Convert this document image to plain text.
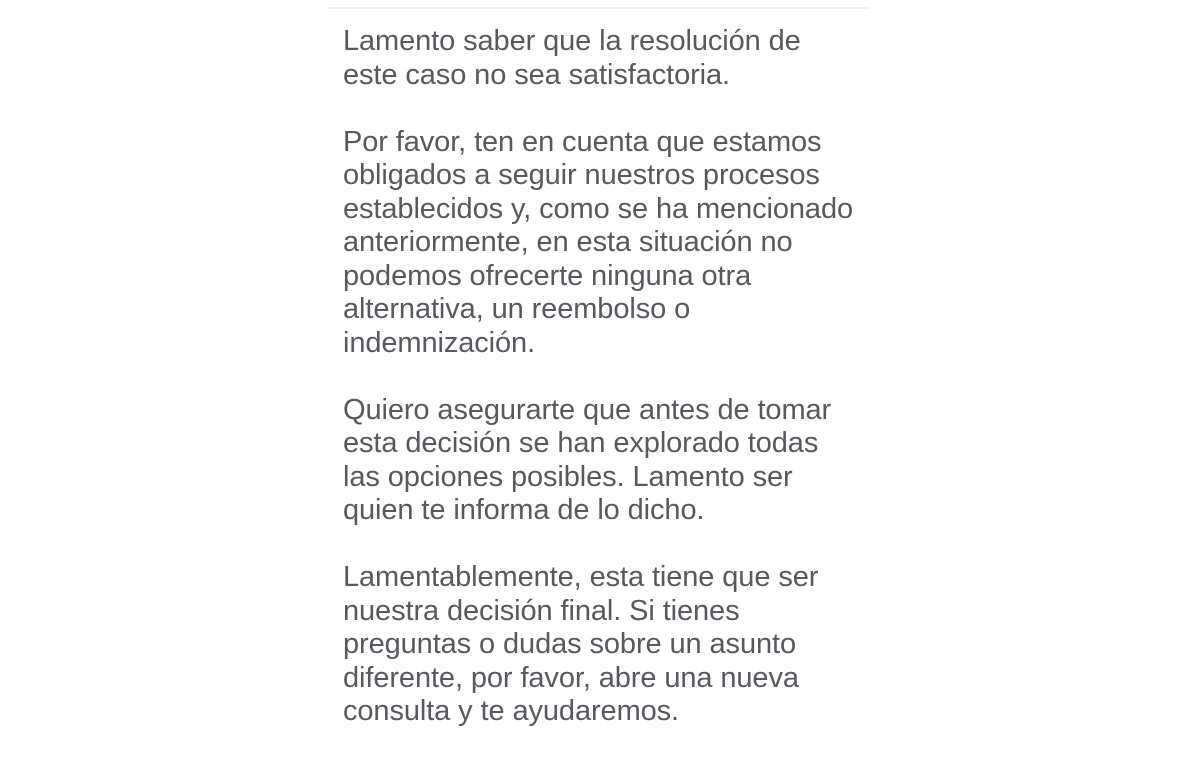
Lamento saber que la resolución de
este caso no sea satisfactoria.
Por favor, ten en cuenta que estamos
obligados a seguir nuestros procesos
establecidos y, como se ha mencionado
anteriormente, en esta situación no
podemos ofrecerte ninguna otra
alternativa, un reembolso o
indemnización.
Quiero asegurarte que antes de tomar
esta decisión se han explorado todas
las opciones posibles. Lamento ser
quien te informa de lo dicho.
Lamentablemente, esta tiene que ser
nuestra decisión final. Si tienes
preguntas o dudas sobre un asunto
diferente, por favor, abre una nueva
consulta y te ayudaremos.
